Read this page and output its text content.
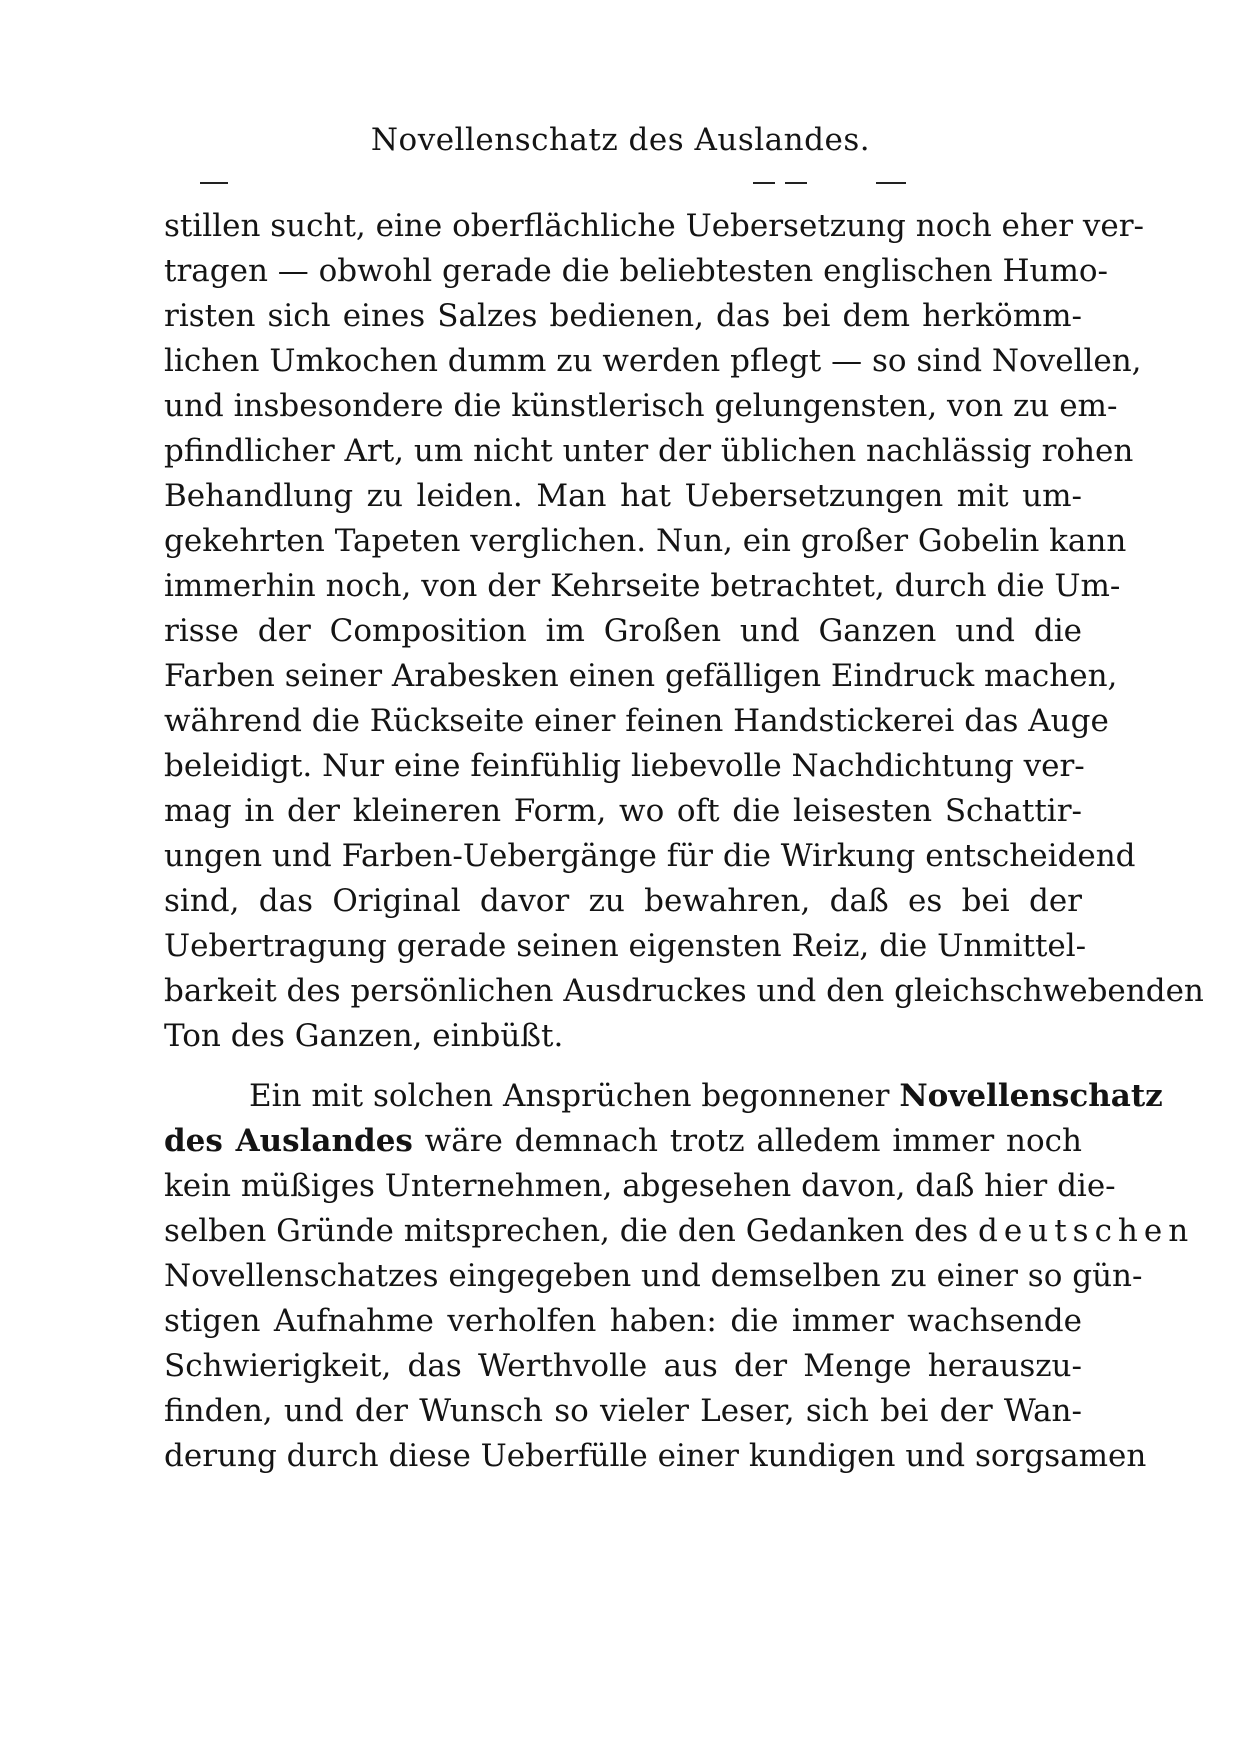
Novellenschatz des Auslandes.
stillen sucht, eine oberflächliche Uebersetzung noch eher ver-
tragen — obwohl gerade die beliebtesten englischen Humo-
risten sich eines Salzes bedienen, das bei dem herkömm-
lichen Umkochen dumm zu werden pflegt — so sind Novellen,
und insbesondere die künstlerisch gelungensten, von zu em-
pfindlicher Art, um nicht unter der üblichen nachlässig rohen
Behandlung zu leiden. Man hat Uebersetzungen mit um-
gekehrten Tapeten verglichen. Nun, ein großer Gobelin kann
immerhin noch, von der Kehrseite betrachtet, durch die Um-
risse der Composition im Großen und Ganzen und die
Farben seiner Arabesken einen gefälligen Eindruck machen,
während die Rückseite einer feinen Handstickerei das Auge
beleidigt. Nur eine feinfühlig liebevolle Nachdichtung ver-
mag in der kleineren Form, wo oft die leisesten Schattir-
ungen und Farben-Uebergänge für die Wirkung entscheidend
sind, das Original davor zu bewahren, daß es bei der
Uebertragung gerade seinen eigensten Reiz, die Unmittel-
barkeit des persönlichen Ausdruckes und den gleichschwebenden
Ton des Ganzen, einbüßt.
Ein mit solchen Ansprüchen begonnener Novellenschatz
des Auslandes wäre demnach trotz alledem immer noch
kein müßiges Unternehmen, abgesehen davon, daß hier die-
selben Gründe mitsprechen, die den Gedanken des deutschen
Novellenschatzes eingegeben und demselben zu einer so gün-
stigen Aufnahme verholfen haben: die immer wachsende
Schwierigkeit, das Werthvolle aus der Menge herauszu-
finden, und der Wunsch so vieler Leser, sich bei der Wan-
derung durch diese Ueberfülle einer kundigen und sorgsamen
